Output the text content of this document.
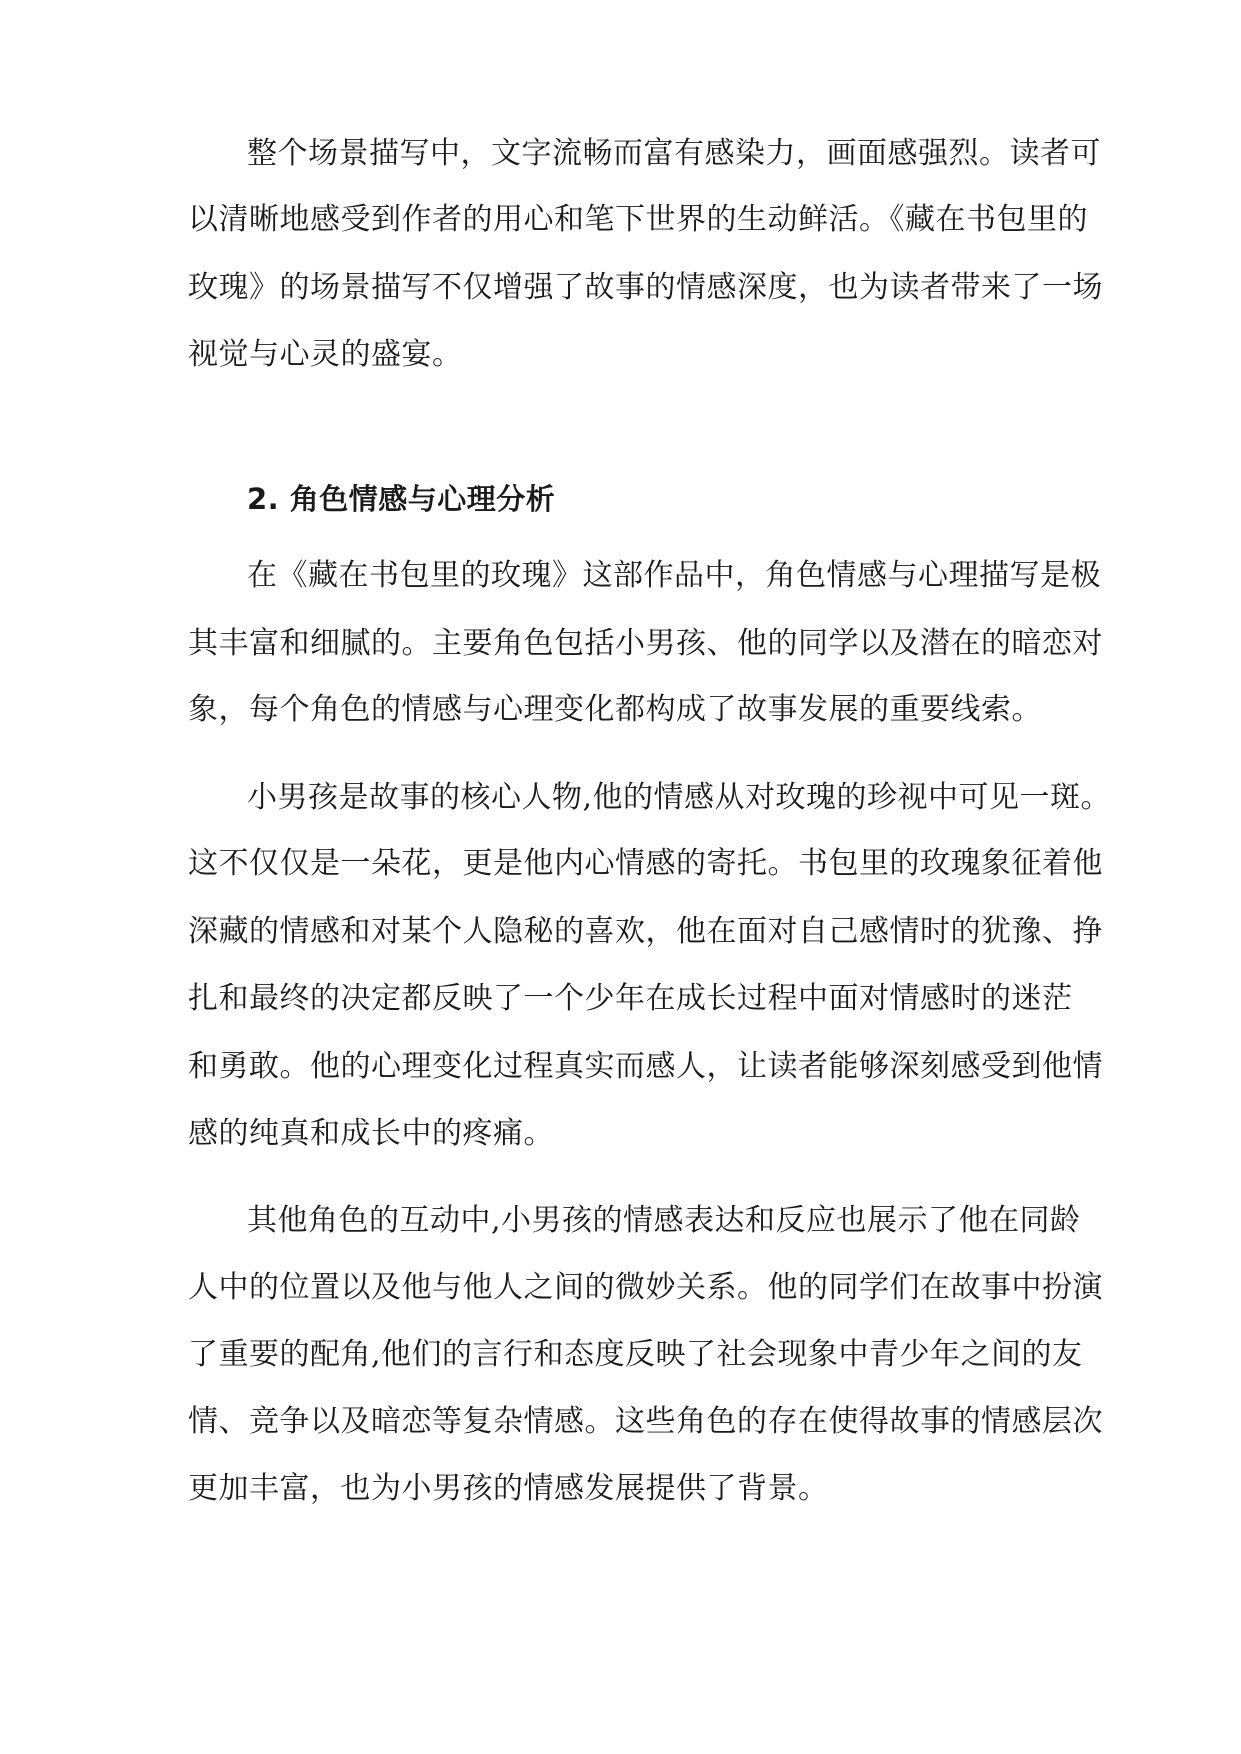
整个场景描写中，文字流畅而富有感染力，画面感强烈。读者可
以清晰地感受到作者的用心和笔下世界的生动鲜活。《藏在书包里的
玫瑰》的场景描写不仅增强了故事的情感深度，也为读者带来了一场
视觉与心灵的盛宴。
2. 角色情感与心理分析
在《藏在书包里的玫瑰》这部作品中，角色情感与心理描写是极
其丰富和细腻的。主要角色包括小男孩、他的同学以及潜在的暗恋对
象，每个角色的情感与心理变化都构成了故事发展的重要线索。
小男孩是故事的核心人物,他的情感从对玫瑰的珍视中可见一斑。
这不仅仅是一朵花，更是他内心情感的寄托。书包里的玫瑰象征着他
深藏的情感和对某个人隐秘的喜欢，他在面对自己感情时的犹豫、挣
扎和最终的决定都反映了一个少年在成长过程中面对情感时的迷茫
和勇敢。他的心理变化过程真实而感人，让读者能够深刻感受到他情
感的纯真和成长中的疼痛。
其他角色的互动中,小男孩的情感表达和反应也展示了他在同龄
人中的位置以及他与他人之间的微妙关系。他的同学们在故事中扮演
了重要的配角,他们的言行和态度反映了社会现象中青少年之间的友
情、竞争以及暗恋等复杂情感。这些角色的存在使得故事的情感层次
更加丰富，也为小男孩的情感发展提供了背景。
